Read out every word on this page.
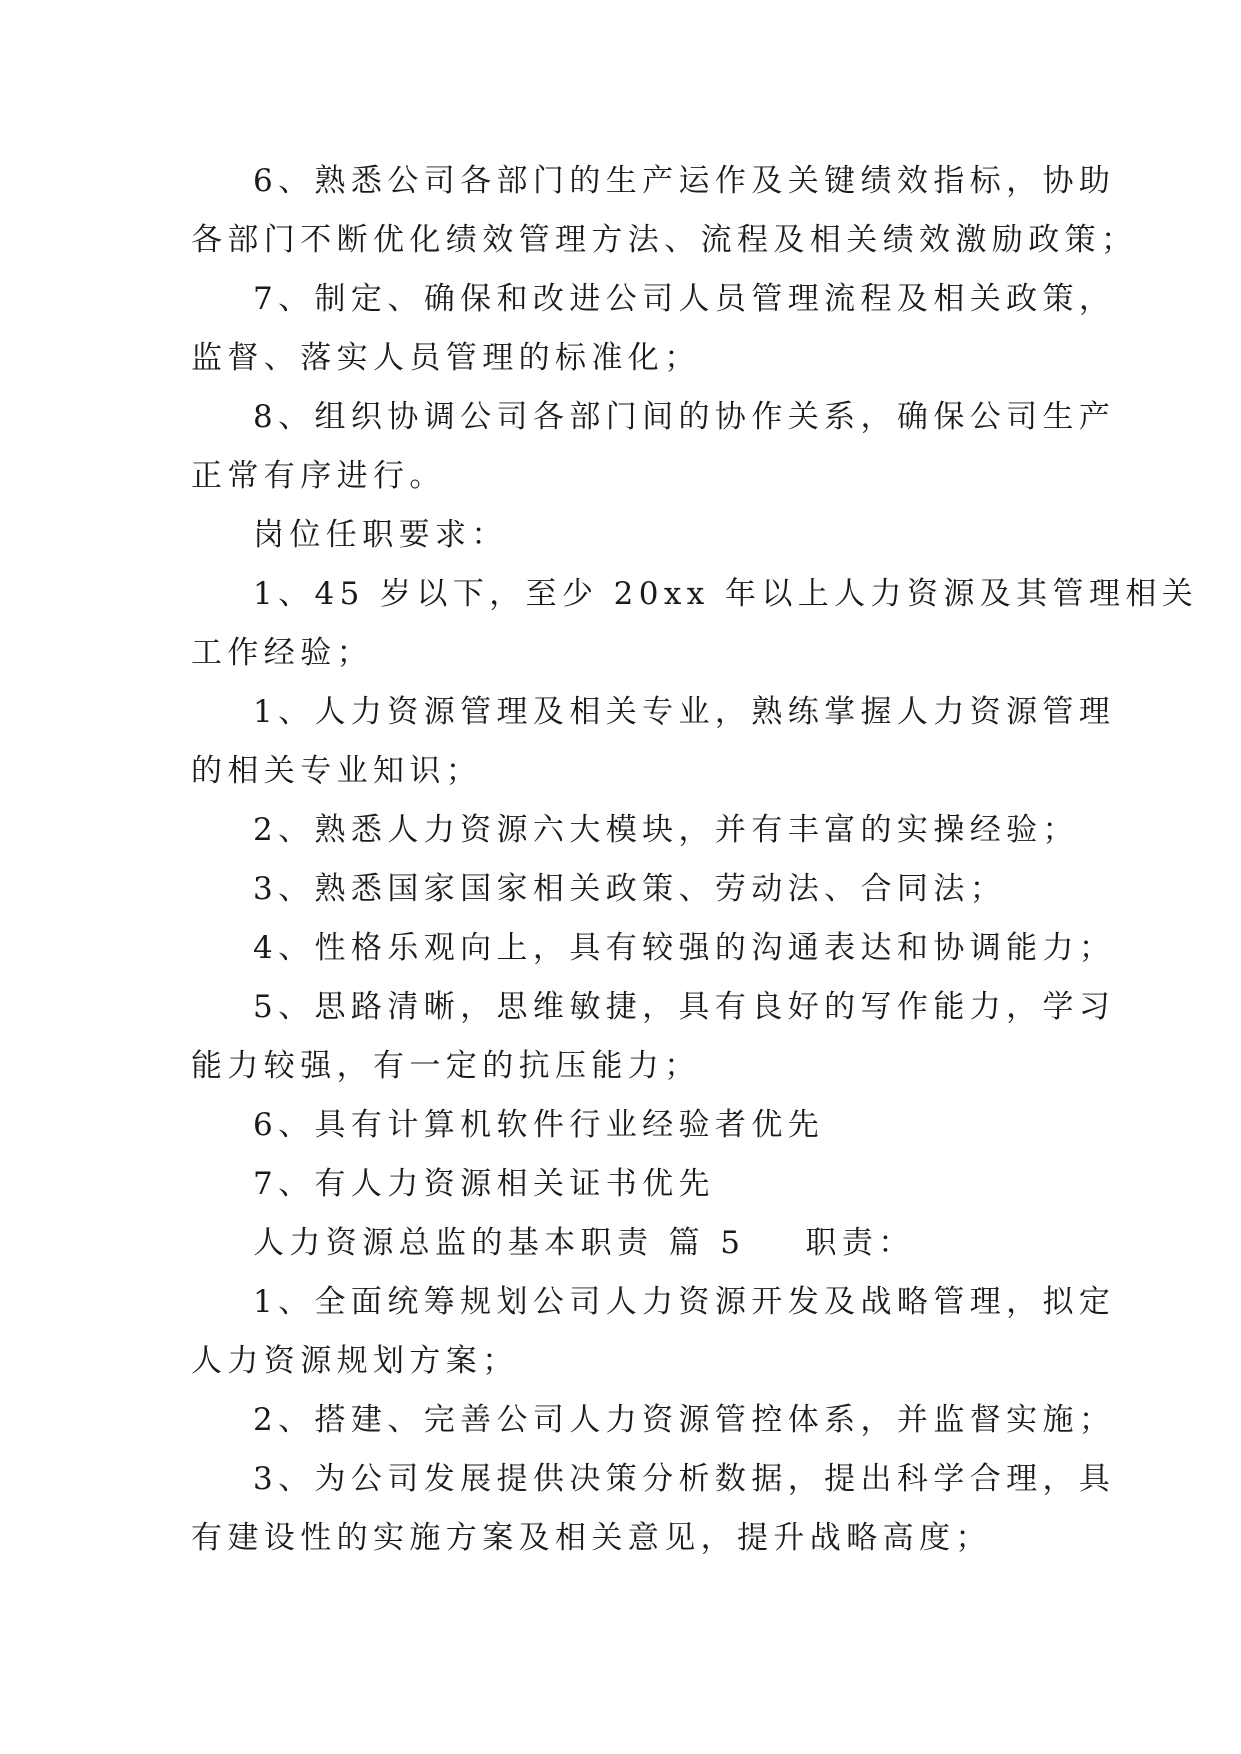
6、熟悉公司各部门的生产运作及关键绩效指标，协助
各部门不断优化绩效管理方法、流程及相关绩效激励政策；
7、制定、确保和改进公司人员管理流程及相关政策，
监督、落实人员管理的标准化；
8、组织协调公司各部门间的协作关系，确保公司生产
正常有序进行。
岗位任职要求：
1、45 岁以下，至少 20xx 年以上人力资源及其管理相关
工作经验；
1、人力资源管理及相关专业，熟练掌握人力资源管理
的相关专业知识；
2、熟悉人力资源六大模块，并有丰富的实操经验；
3、熟悉国家国家相关政策、劳动法、合同法；
4、性格乐观向上，具有较强的沟通表达和协调能力；
5、思路清晰，思维敏捷，具有良好的写作能力，学习
能力较强，有一定的抗压能力；
6、具有计算机软件行业经验者优先
7、有人力资源相关证书优先
人力资源总监的基本职责 篇 5 职责：
1、全面统筹规划公司人力资源开发及战略管理，拟定
人力资源规划方案；
2、搭建、完善公司人力资源管控体系，并监督实施；
3、为公司发展提供决策分析数据，提出科学合理，具
有建设性的实施方案及相关意见，提升战略高度；
